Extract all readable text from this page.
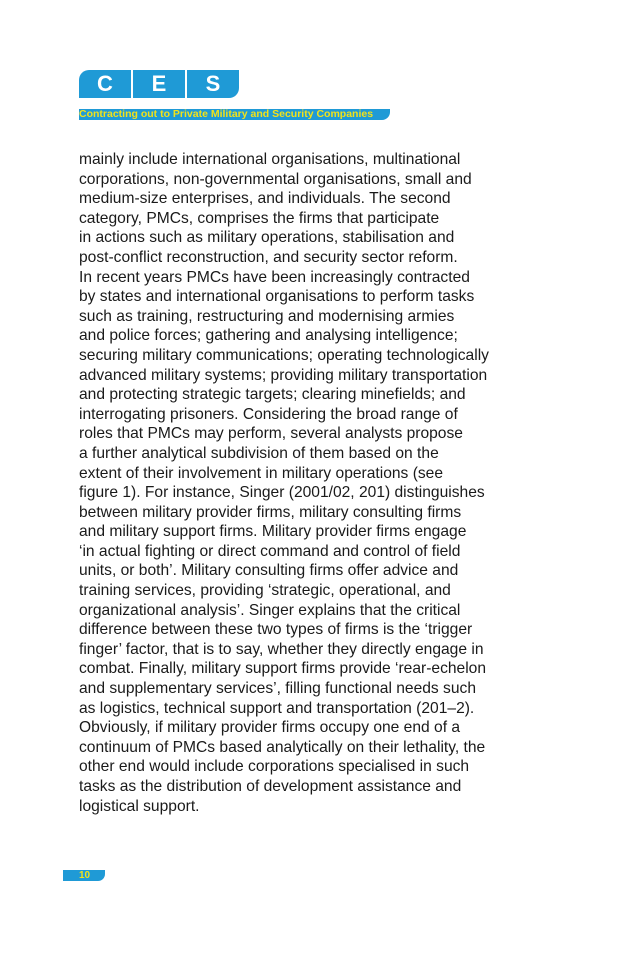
C	E	S
Contracting out to Private Military and Security Companies

mainly include international organisations, multinational
corporations, non-governmental organisations, small and
medium-size enterprises, and individuals. The second
category, PMCs, comprises the firms that participate
in actions such as military operations, stabilisation and
post-conflict reconstruction, and security sector reform.
In recent years PMCs have been increasingly contracted
by states and international organisations to perform tasks
such as training, restructuring and modernising armies
and police forces; gathering and analysing intelligence;
securing military communications; operating technologically
advanced military systems; providing military transportation
and protecting strategic targets; clearing minefields; and
interrogating prisoners. Considering the broad range of
roles that PMCs may perform, several analysts propose
a further analytical subdivision of them based on the
extent of their involvement in military operations (see
figure 1). For instance, Singer (2001/02, 201) distinguishes
between military provider firms, military consulting firms
and military support firms. Military provider firms engage
‘in actual fighting or direct command and control of field
units, or both’. Military consulting firms offer advice and
training services, providing ‘strategic, operational, and
organizational analysis’. Singer explains that the critical
difference between these two types of firms is the ‘trigger
finger’ factor, that is to say, whether they directly engage in
combat. Finally, military support firms provide ‘rear-echelon
and supplementary services’, filling functional needs such
as logistics, technical support and transportation (201–2).
Obviously, if military provider firms occupy one end of a
continuum of PMCs based analytically on their lethality, the
other end would include corporations specialised in such
tasks as the distribution of development assistance and
logistical support.

10
